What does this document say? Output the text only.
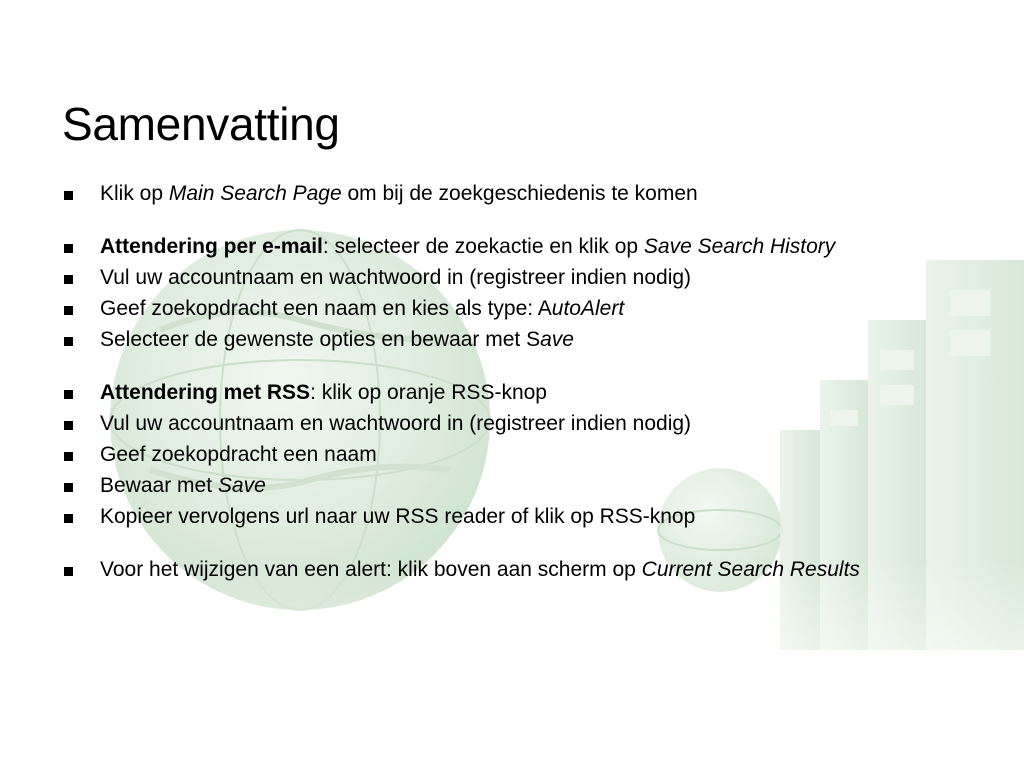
Samenvatting
Klik op Main Search Page om bij de zoekgeschiedenis te komen
Attendering per e-mail: selecteer de zoekactie en klik op Save Search History
Vul uw accountnaam en wachtwoord in (registreer indien nodig)
Geef zoekopdracht een naam en kies als type: AutoAlert
Selecteer de gewenste opties en bewaar met Save
Attendering met RSS: klik op oranje RSS-knop
Vul uw accountnaam en wachtwoord in (registreer indien nodig)
Geef zoekopdracht een naam
Bewaar met Save
Kopieer vervolgens url naar uw RSS reader of klik op RSS-knop
Voor het wijzigen van een alert: klik boven aan scherm op Current Search Results
